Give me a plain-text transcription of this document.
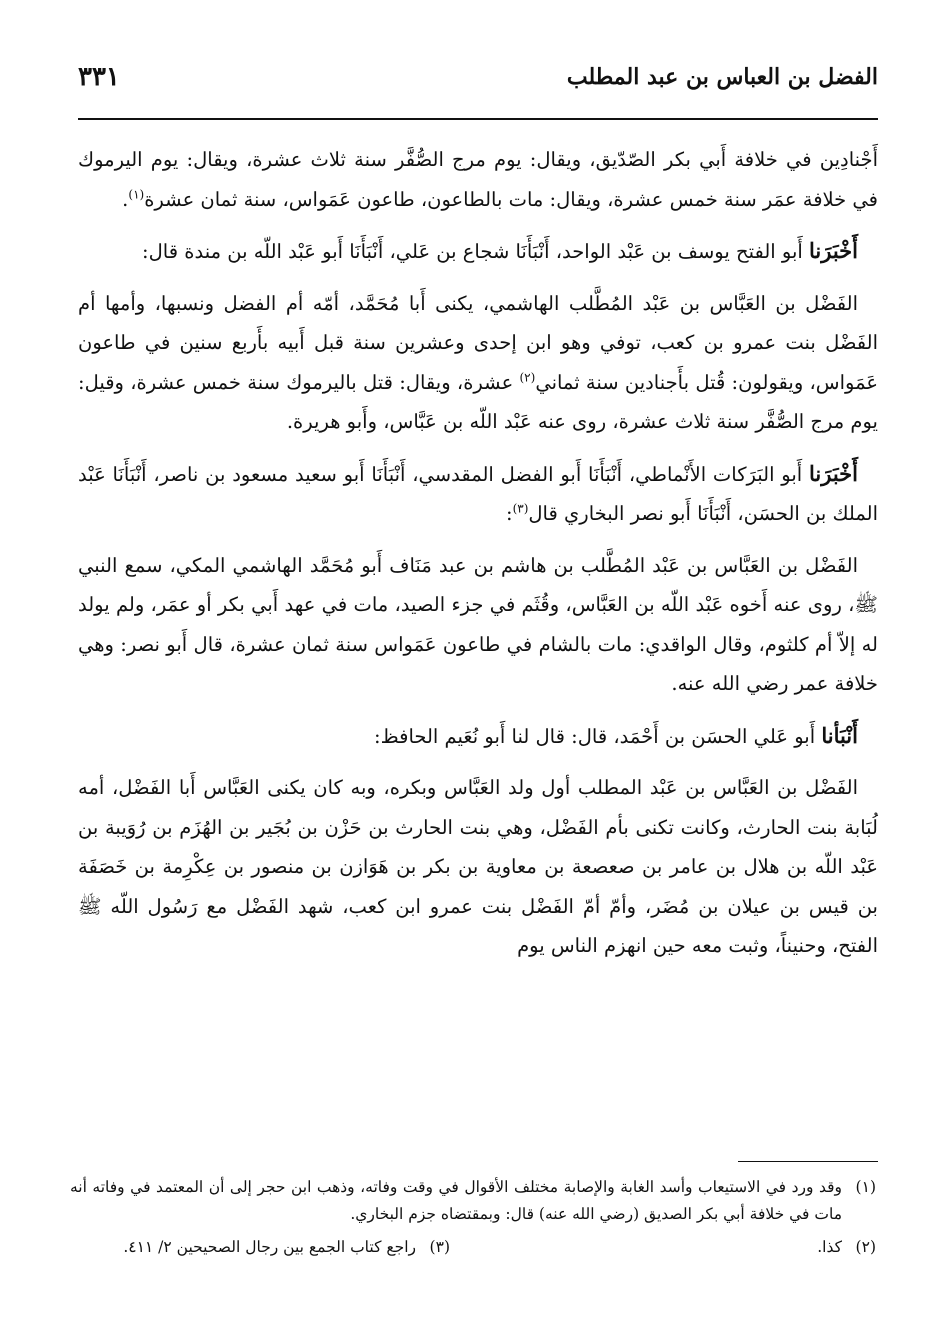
الفضل بن العباس بن عبد المطلب
٣٣١

أَجْنادِين في خلافة أَبي بكر الصّدّيق، ويقال: يوم مرج الصُّفَّر سنة ثلاث عشرة، ويقال: يوم اليرموك في خلافة عمَر سنة خمس عشرة، ويقال: مات بالطاعون، طاعون عَمَواس، سنة ثمان عشرة$^{(١)}$.

أَخْبَرَنا أَبو الفتح يوسف بن عَبْد الواحد، أَنْبَأَنَا شجاع بن عَلي، أَنْبَأَنَا أَبو عَبْد اللّه بن مندة قال:

الفَضْل بن العَبَّاس بن عَبْد المُطَّلب الهاشمي، يكنى أَبا مُحَمَّد، أمّه أم الفضل ونسبها، وأمها أم الفَضْل بنت عمرو بن كعب، توفي وهو ابن إحدى وعشرين سنة قبل أَبيه بأَربع سنين في طاعون عَمَواس، ويقولون: قُتل بأَجنادين سنة ثماني$^{(٢)}$ عشرة، ويقال: قتل باليرموك سنة خمس عشرة، وقيل: يوم مرج الصُّفَّر سنة ثلاث عشرة، روى عنه عَبْد اللّه بن عَبَّاس، وأَبو هريرة.

أَخْبَرَنا أَبو البَرَكات الأَنْماطي، أَنْبَأَنَا أَبو الفضل المقدسي، أَنْبَأَنَا أَبو سعيد مسعود بن ناصر، أَنْبَأَنَا عَبْد الملك بن الحسَن، أَنْبَأَنَا أَبو نصر البخاري قال$^{(٣)}$:

الفَضْل بن العَبَّاس بن عَبْد المُطَّلب بن هاشم بن عبد مَنَاف أَبو مُحَمَّد الهاشمي المكي، سمع النبي ﷺ، روى عنه أَخوه عَبْد اللّه بن العَبَّاس، وقُثَم في جزء الصيد، مات في عهد أَبي بكر أو عمَر، ولم يولد له إلاّ أم كلثوم، وقال الواقدي: مات بالشام في طاعون عَمَواس سنة ثمان عشرة، قال أَبو نصر: وهي خلافة عمر رضي الله عنه.

أَنْبَأنا أَبو عَلي الحسَن بن أَحْمَد، قال: قال لنا أَبو نُعَيم الحافظ:

الفَضْل بن العَبَّاس بن عَبْد المطلب أول ولد العَبَّاس وبكره، وبه كان يكنى العَبَّاس أَبا الفَضْل، أمه لُبَابة بنت الحارث، وكانت تكنى بأم الفَضْل، وهي بنت الحارث بن حَزْن بن بُجَير بن الهُزَم بن رُوَيبة بن عَبْد اللّه بن هلال بن عامر بن صعصعة بن معاوية بن بكر بن هَوَازن بن منصور بن عِكْرِمة بن خَصَفَة بن قيس بن عيلان بن مُضَر، وأمّ أمّ الفَضْل بنت عمرو ابن كعب، شهد الفَضْل مع رَسُول اللّه ﷺ الفتح، وحنيناً، وثبت معه حين انهزم الناس يوم

(١)
وقد ورد في الاستيعاب وأسد الغابة والإصابة مختلف الأقوال في وقت وفاته، وذهب ابن حجر إلى أن المعتمد في وفاته أنه مات في خلافة أبي بكر الصديق (رضي الله عنه) قال: وبمقتضاه جزم البخاري.
(٢)
كذا.
(٣)
راجع كتاب الجمع بين رجال الصحيحين ٢/ ٤١١.
